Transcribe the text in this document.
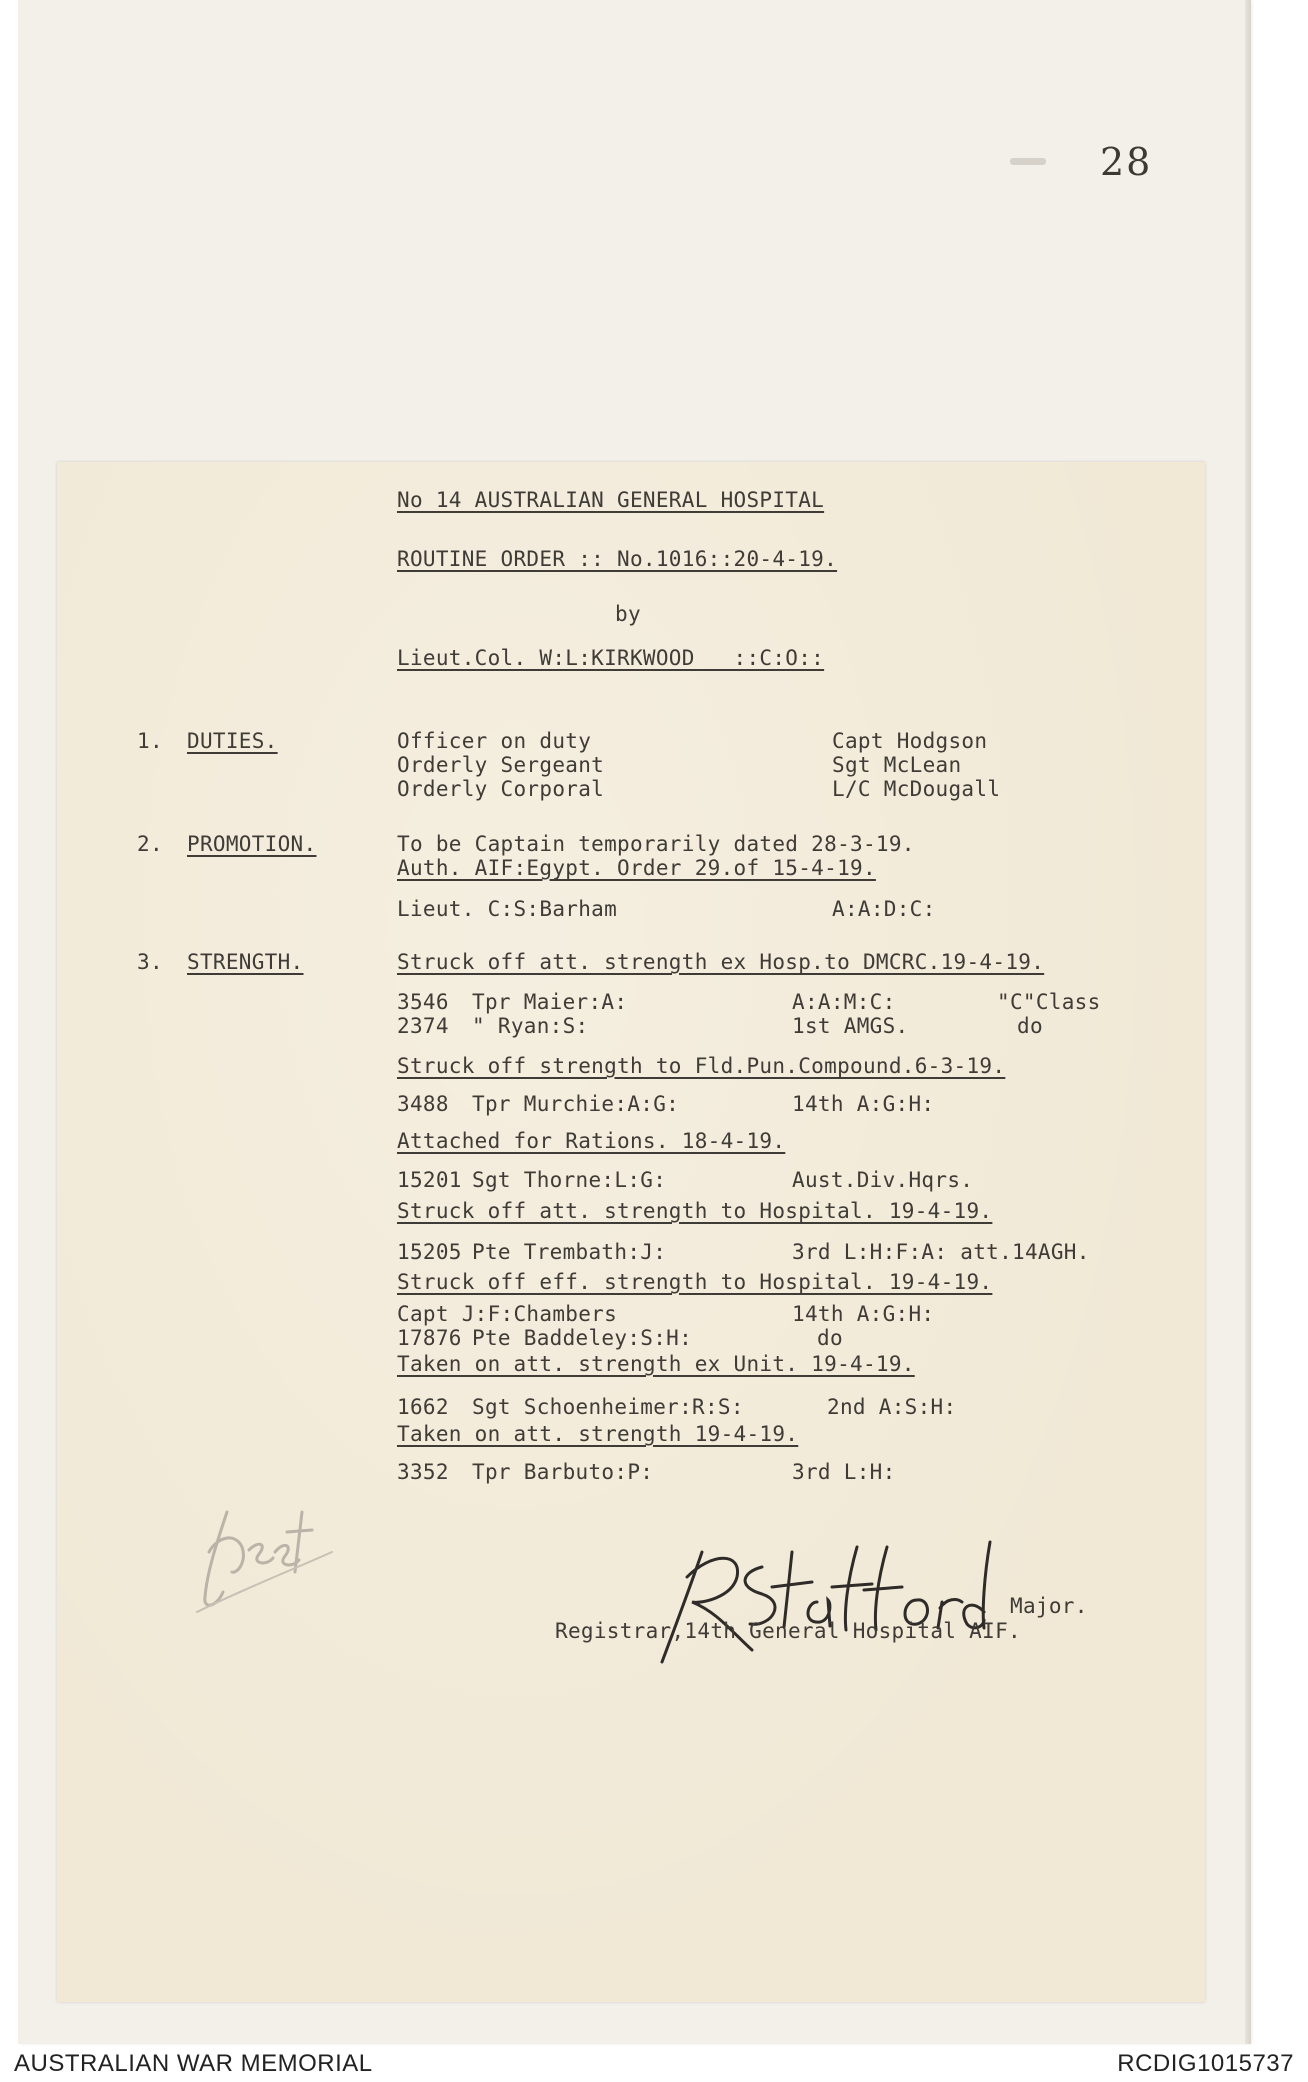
28
No 14 AUSTRALIAN GENERAL HOSPITAL
ROUTINE ORDER :: No.1016::20-4-19.
by
Lieut.Col. W:L:KIRKWOOD   ::C:O::
1. DUTIES.	Officer on duty	Capt Hodgson
Orderly Sergeant	Sgt McLean
Orderly Corporal	L/C McDougall
2. PROMOTION.	To be Captain temporarily dated 28-3-19.
Auth. AIF:Egypt. Order 29.of 15-4-19.
Lieut. C:S:Barham	A:A:D:C:
3. STRENGTH.	Struck off att. strength ex Hosp.to DMCRC.19-4-19.
3546 Tpr Maier:A:	A:A:M:C:	"C"Class
2374 " Ryan:S:	1st AMGS.	do
Struck off strength to Fld.Pun.Compound.6-3-19.
3488 Tpr Murchie:A:G:	14th A:G:H:
Attached for Rations. 18-4-19.
15201 Sgt Thorne:L:G:	Aust.Div.Hqrs.
Struck off att. strength to Hospital. 19-4-19.
15205 Pte Trembath:J:	3rd L:H:F:A: att.14AGH.
Struck off eff. strength to Hospital. 19-4-19.
Capt J:F:Chambers	14th A:G:H:
17876 Pte Baddeley:S:H:	do
Taken on att. strength ex Unit. 19-4-19.
1662 Sgt Schoenheimer:R:S:	2nd A:S:H:
Taken on att. strength 19-4-19.
3352 Tpr Barbuto:P:	3rd L:H:
Major.
Registrar,14th General Hospital AIF.
AUSTRALIAN WAR MEMORIAL	RCDIG1015737
